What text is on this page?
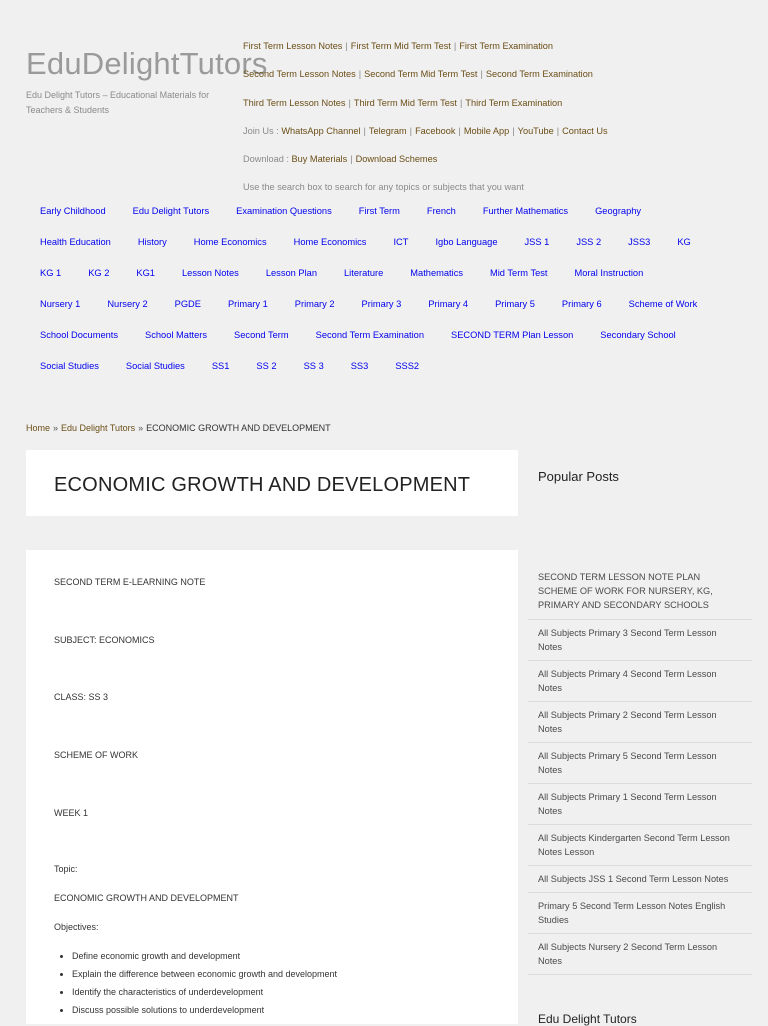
EduDelightTutors
Edu Delight Tutors – Educational Materials for Teachers & Students
First Term Lesson Notes | First Term Mid Term Test | First Term Examination
Second Term Lesson Notes | Second Term Mid Term Test | Second Term Examination
Third Term Lesson Notes | Third Term Mid Term Test | Third Term Examination
Join Us : WhatsApp Channel | Telegram | Facebook | Mobile App | YouTube | Contact Us
Download : Buy Materials | Download Schemes
Use the search box to search for any topics or subjects that you want
Early Childhood	Edu Delight Tutors	Examination Questions	First Term	French	Further Mathematics	Geography
Health Education	History	Home Economics	Home Economics	ICT	Igbo Language	JSS 1	JSS 2	JSS3	KG
KG 1	KG 2	KG1	Lesson Notes	Lesson Plan	Literature	Mathematics	Mid Term Test	Moral Instruction
Nursery 1	Nursery 2	PGDE	Primary 1	Primary 2	Primary 3	Primary 4	Primary 5	Primary 6	Scheme of Work
School Documents	School Matters	Second Term	Second Term Examination	SECOND TERM Plan Lesson	Secondary School
Social Studies	Social Studies	SS1	SS 2	SS 3	SS3	SSS2
Home » Edu Delight Tutors » ECONOMIC GROWTH AND DEVELOPMENT
ECONOMIC GROWTH AND DEVELOPMENT
SECOND TERM E-LEARNING NOTE
SUBJECT: ECONOMICS
CLASS: SS 3
SCHEME OF WORK
WEEK 1
Topic:
ECONOMIC GROWTH AND DEVELOPMENT
Objectives:
• Define economic growth and development
• Explain the difference between economic growth and development
• Identify the characteristics of underdevelopment
• Discuss possible solutions to underdevelopment
Popular Posts
SECOND TERM LESSON NOTE PLAN SCHEME OF WORK FOR NURSERY, KG, PRIMARY AND SECONDARY SCHOOLS
All Subjects Primary 3 Second Term Lesson Notes
All Subjects Primary 4 Second Term Lesson Notes
All Subjects Primary 2 Second Term Lesson Notes
All Subjects Primary 5 Second Term Lesson Notes
All Subjects Primary 1 Second Term Lesson Notes
All Subjects Kindergarten Second Term Lesson Notes Lesson
All Subjects JSS 1 Second Term Lesson Notes
Primary 5 Second Term Lesson Notes English Studies
All Subjects Nursery 2 Second Term Lesson Notes
Edu Delight Tutors
